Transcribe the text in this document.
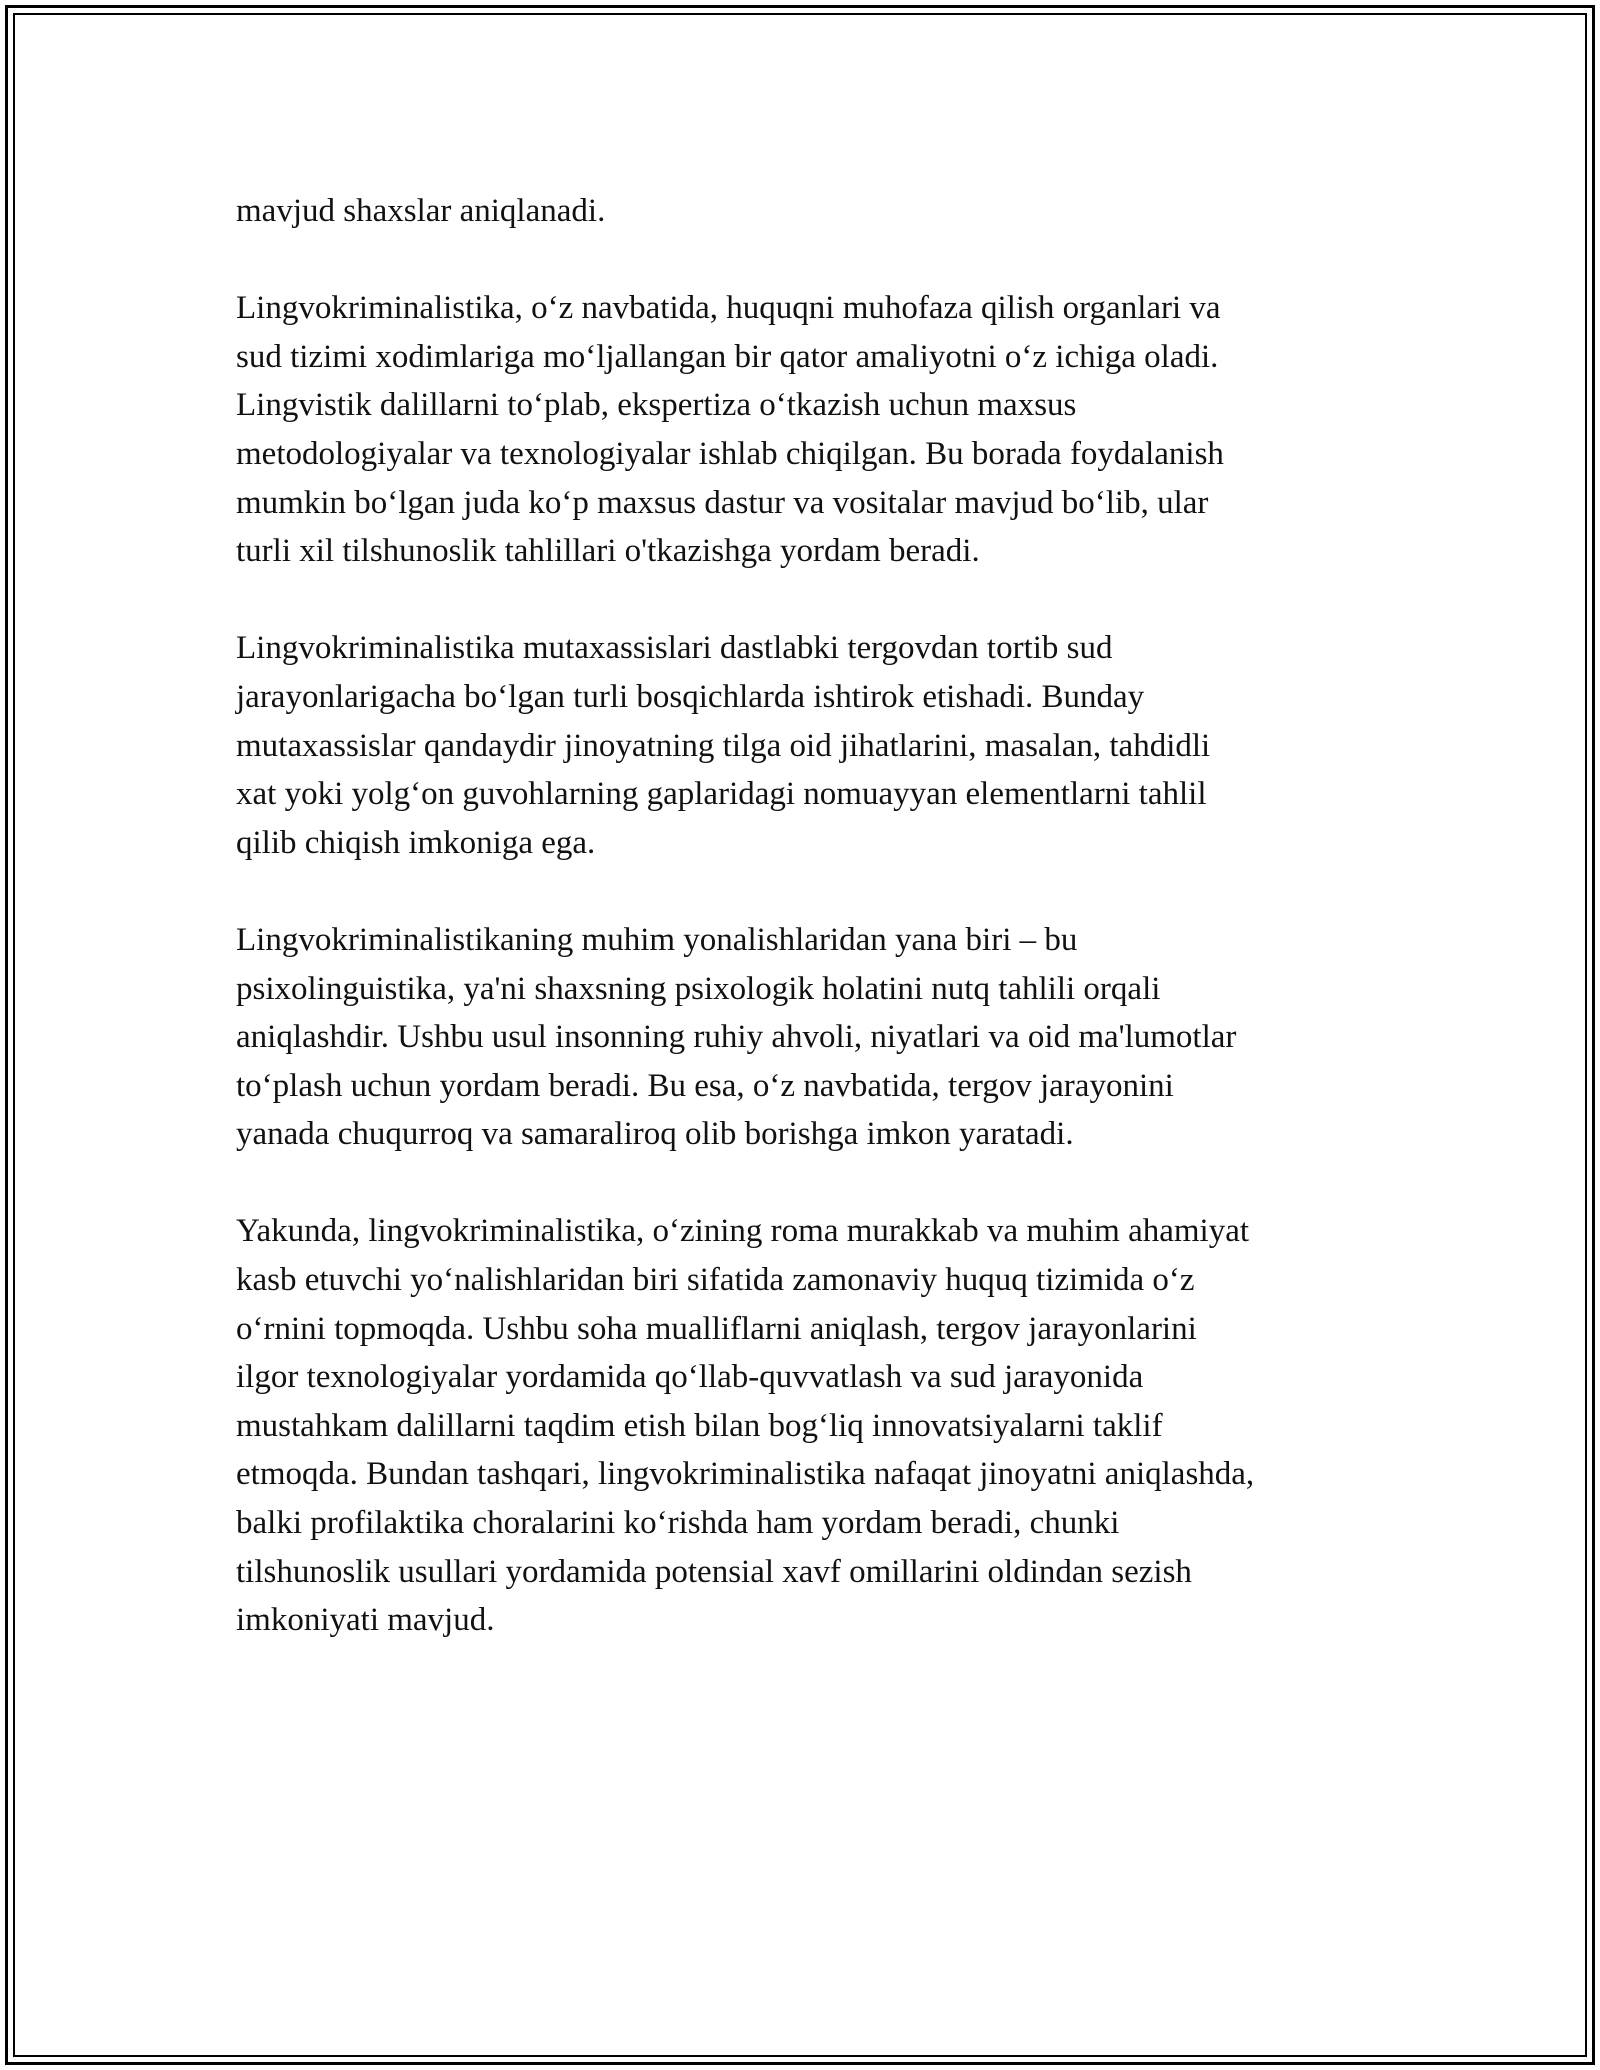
mavjud shaxslar aniqlanadi.

Lingvokriminalistika, o‘z navbatida, huquqni muhofaza qilish organlari va
sud tizimi xodimlariga mo‘ljallangan bir qator amaliyotni o‘z ichiga oladi.
Lingvistik dalillarni to‘plab, ekspertiza o‘tkazish uchun maxsus
metodologiyalar va texnologiyalar ishlab chiqilgan. Bu borada foydalanish
mumkin bo‘lgan juda ko‘p maxsus dastur va vositalar mavjud bo‘lib, ular
turli xil tilshunoslik tahlillari o'tkazishga yordam beradi.

Lingvokriminalistika mutaxassislari dastlabki tergovdan tortib sud
jarayonlarigacha bo‘lgan turli bosqichlarda ishtirok etishadi. Bunday
mutaxassislar qandaydir jinoyatning tilga oid jihatlarini, masalan, tahdidli
xat yoki yolg‘on guvohlarning gaplaridagi nomuayyan elementlarni tahlil
qilib chiqish imkoniga ega.

Lingvokriminalistikaning muhim yonalishlaridan yana biri – bu
psixolinguistika, ya'ni shaxsning psixologik holatini nutq tahlili orqali
aniqlashdir. Ushbu usul insonning ruhiy ahvoli, niyatlari va oid ma'lumotlar
to‘plash uchun yordam beradi. Bu esa, o‘z navbatida, tergov jarayonini
yanada chuqurroq va samaraliroq olib borishga imkon yaratadi.

Yakunda, lingvokriminalistika, o‘zining roma murakkab va muhim ahamiyat
kasb etuvchi yo‘nalishlaridan biri sifatida zamonaviy huquq tizimida o‘z
o‘rnini topmoqda. Ushbu soha mualliflarni aniqlash, tergov jarayonlarini
ilgor texnologiyalar yordamida qo‘llab-quvvatlash va sud jarayonida
mustahkam dalillarni taqdim etish bilan bog‘liq innovatsiyalarni taklif
etmoqda. Bundan tashqari, lingvokriminalistika nafaqat jinoyatni aniqlashda,
balki profilaktika choralarini ko‘rishda ham yordam beradi, chunki
tilshunoslik usullari yordamida potensial xavf omillarini oldindan sezish
imkoniyati mavjud.
